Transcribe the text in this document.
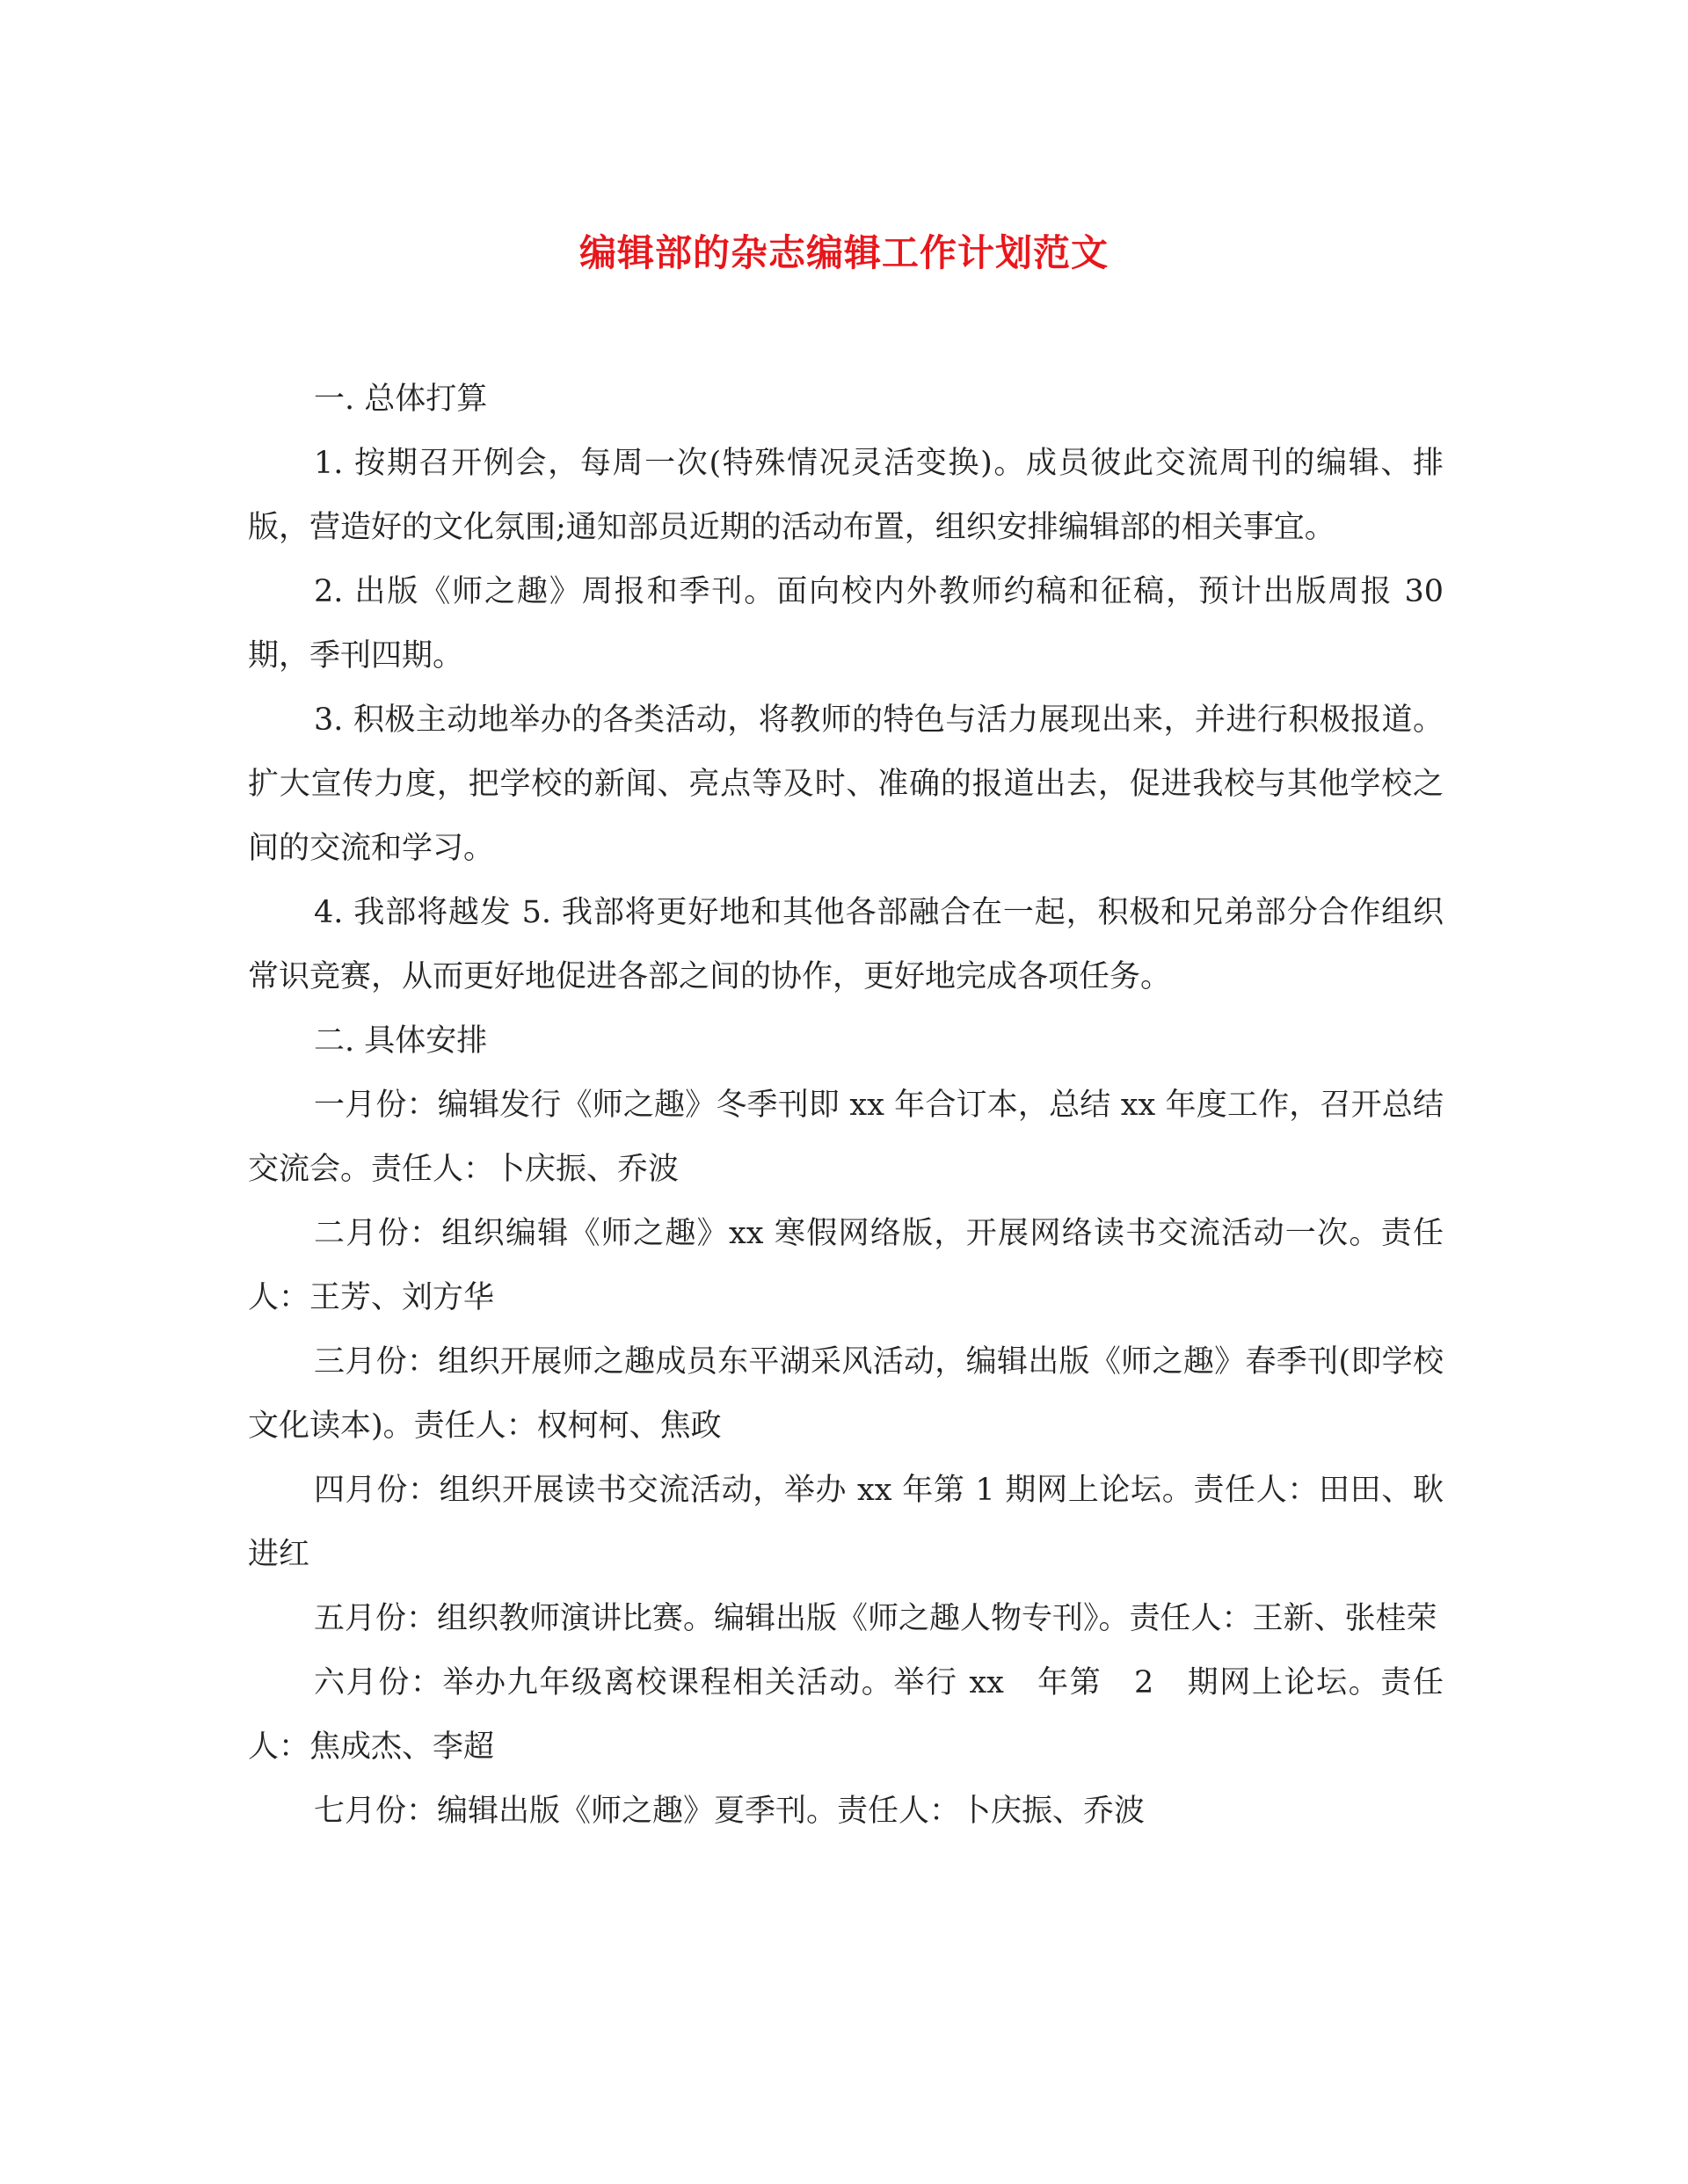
编辑部的杂志编辑工作计划范文

一. 总体打算

1. 按期召开例会，每周一次(特殊情况灵活变换)。成员彼此交流周刊的编辑、排版，营造好的文化氛围;通知部员近期的活动布置，组织安排编辑部的相关事宜。

2. 出版《师之趣》周报和季刊。面向校内外教师约稿和征稿，预计出版周报 30 期，季刊四期。

3. 积极主动地举办的各类活动，将教师的特色与活力展现出来，并进行积极报道。扩大宣传力度，把学校的新闻、亮点等及时、准确的报道出去，促进我校与其他学校之间的交流和学习。

4. 我部将越发 5. 我部将更好地和其他各部融合在一起，积极和兄弟部分合作组织常识竞赛，从而更好地促进各部之间的协作，更好地完成各项任务。

二. 具体安排

一月份：编辑发行《师之趣》冬季刊即 xx 年合订本，总结 xx 年度工作，召开总结交流会。责任人：卜庆振、乔波

二月份：组织编辑《师之趣》xx 寒假网络版，开展网络读书交流活动一次。责任人：王芳、刘方华

三月份：组织开展师之趣成员东平湖采风活动，编辑出版《师之趣》春季刊(即学校文化读本)。责任人：权柯柯、焦政

四月份：组织开展读书交流活动，举办 xx 年第 1 期网上论坛。责任人：田田、耿进红

五月份：组织教师演讲比赛。编辑出版《师之趣人物专刊》。责任人：王新、张桂荣

六月份：举办九年级离校课程相关活动。举行 xx　年第　2　期网上论坛。责任人：焦成杰、李超

七月份：编辑出版《师之趣》夏季刊。责任人：卜庆振、乔波
